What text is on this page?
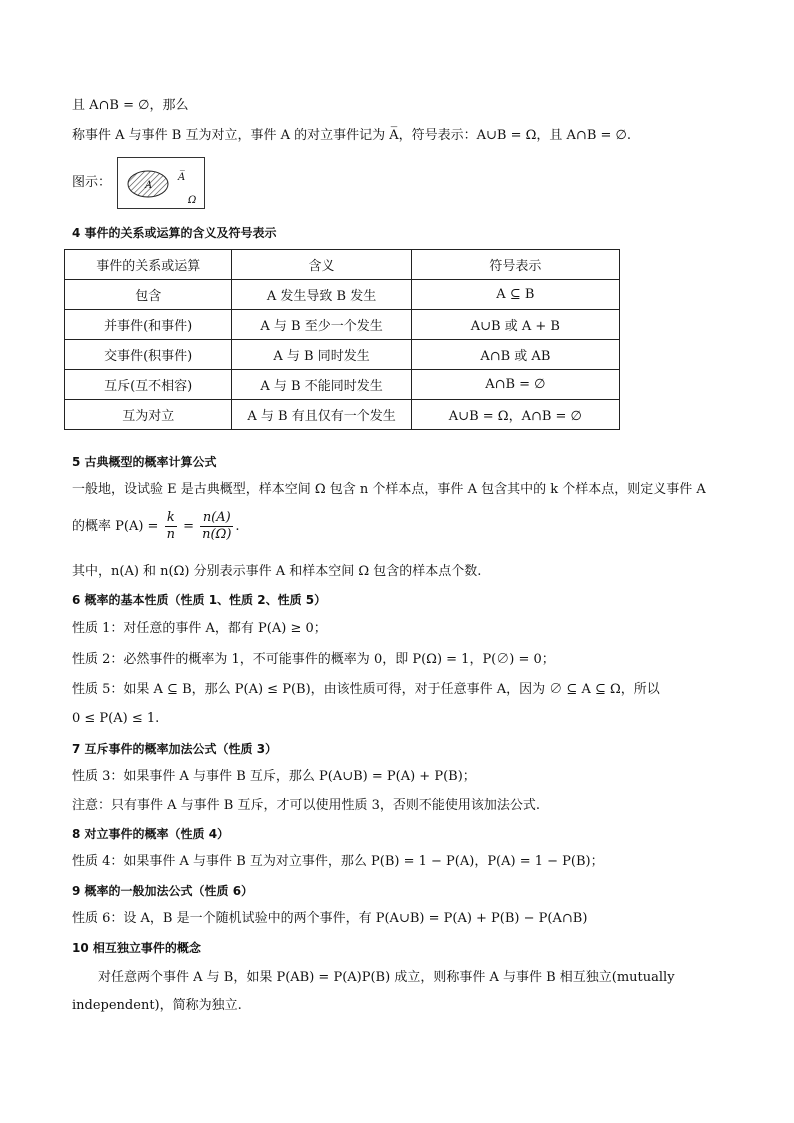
且 A∩B = ∅，那么
称事件 A 与事件 B 互为对立，事件 A 的对立事件记为 A̅，符号表示：A∪B = Ω，且 A∩B = ∅.
图示：	A
A̅
Ω
4 事件的关系或运算的含义及符号表示
事件的关系或运算	含义	符号表示
包含	A 发生导致 B 发生	A ⊆ B
并事件(和事件)	A 与 B 至少一个发生	A∪B 或 A + B
交事件(积事件)	A 与 B 同时发生	A∩B 或 AB
互斥(互不相容)	A 与 B 不能同时发生	A∩B = ∅
互为对立	A 与 B 有且仅有一个发生	A∪B = Ω，A∩B = ∅
5 古典概型的概率计算公式
一般地，设试验 E 是古典概型，样本空间 Ω 包含 n 个样本点，事件 A 包含其中的 k 个样本点，则定义事件 A
的概率 $P(A) = \frac{k}{n} = \frac{n(A)}{n(\Omega)}$ .
其中，n(A) 和 n(Ω) 分别表示事件 A 和样本空间 Ω 包含的样本点个数.
6 概率的基本性质（性质 1、性质 2、性质 5）
性质 1：对任意的事件 A，都有 P(A) ≥ 0；
性质 2：必然事件的概率为 1，不可能事件的概率为 0，即 P(Ω) = 1，P(∅) = 0；
性质 5：如果 A ⊆ B，那么 P(A) ≤ P(B)，由该性质可得，对于任意事件 A，因为 ∅ ⊆ A ⊆ Ω，所以
0 ≤ P(A) ≤ 1.
7 互斥事件的概率加法公式（性质 3）
性质 3：如果事件 A 与事件 B 互斥，那么 P(A∪B) = P(A) + P(B)；
注意：只有事件 A 与事件 B 互斥，才可以使用性质 3，否则不能使用该加法公式.
8 对立事件的概率（性质 4）
性质 4：如果事件 A 与事件 B 互为对立事件，那么 P(B) = 1 − P(A)，P(A) = 1 − P(B)；
9 概率的一般加法公式（性质 6）
性质 6：设 A，B 是一个随机试验中的两个事件，有 P(A∪B) = P(A) + P(B) − P(A∩B)
10 相互独立事件的概念
对任意两个事件 A 与 B，如果 P(AB) = P(A)P(B) 成立，则称事件 A 与事件 B 相互独立(mutually
independent)，简称为独立.
